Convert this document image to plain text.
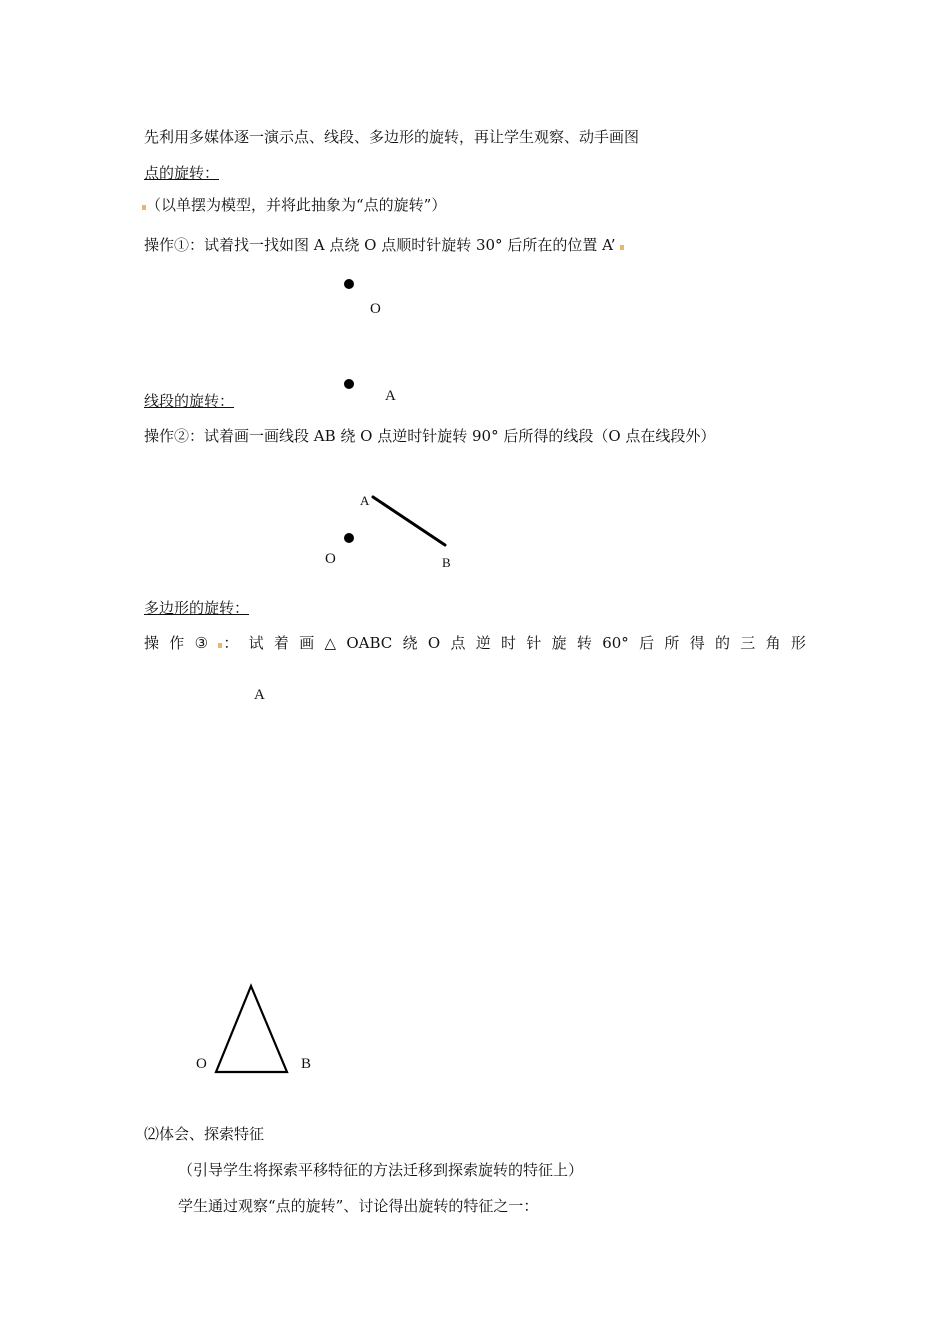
先利用多媒体逐一演示点、线段、多边形的旋转，再让学生观察、动手画图
点的旋转：
（以单摆为模型，并将此抽象为“点的旋转”）
操作①：试着找一找如图 A 点绕 O 点顺时针旋转 30° 后所在的位置 A’
线段的旋转：
操作②：试着画一画线段 AB 绕 O 点逆时针旋转 90° 后所得的线段（O 点在线段外）
多边形的旋转：
操 作 ③	： 试 着 画 △ OABC 绕 O 点 逆 时 针 旋 转 60° 后 所 得 的 三 角 形
⑵体会、探索特征
（引导学生将探索平移特征的方法迁移到探索旋转的特征上）
学生通过观察“点的旋转”、讨论得出旋转的特征之一：
O
A
A
B
O
A
O	B
